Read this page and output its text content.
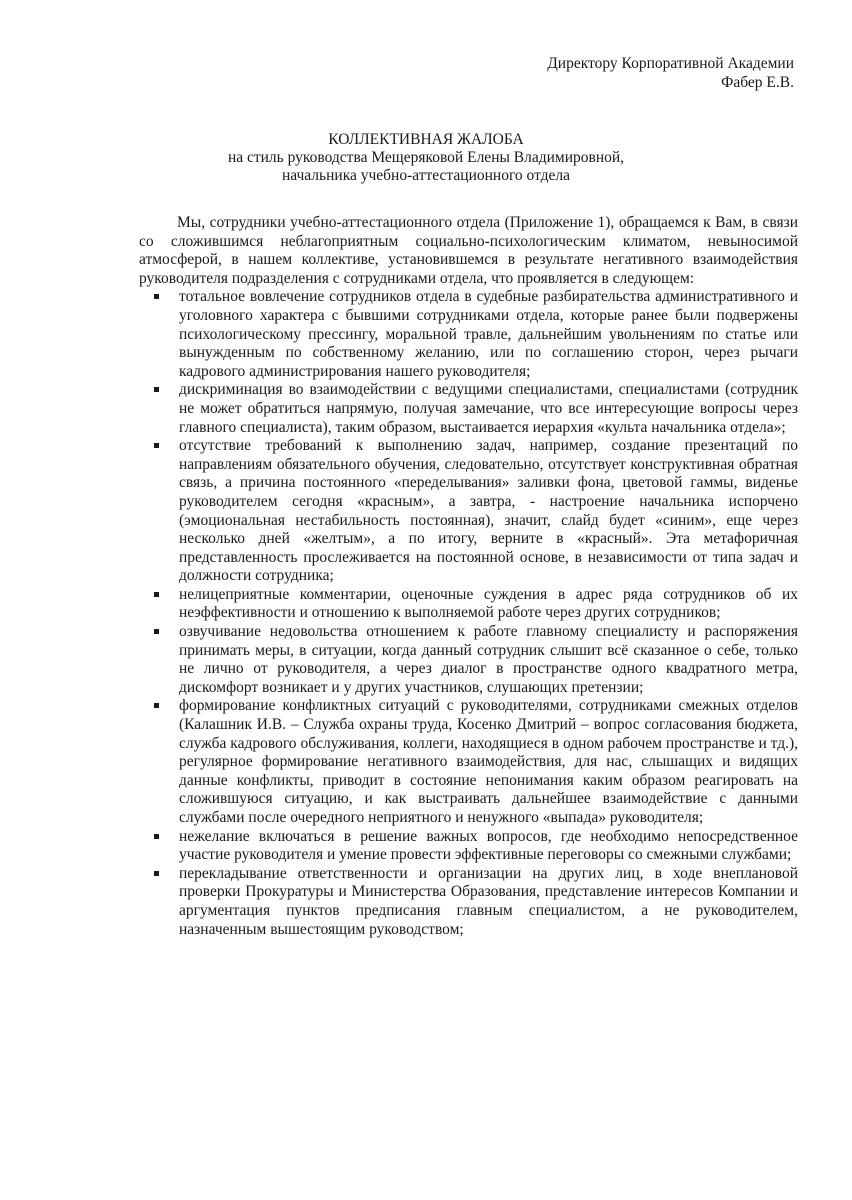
Директору Корпоративной Академии
Фабер Е.В.
КОЛЛЕКТИВНАЯ ЖАЛОБА
на стиль руководства Мещеряковой Елены Владимировной,
начальника учебно-аттестационного отдела

Мы, сотрудники учебно-аттестационного отдела (Приложение 1), обращаемся к Вам, в связи со сложившимся неблагоприятным социально-психологическим климатом, невыносимой атмосферой, в нашем коллективе, установившемся в результате негативного взаимодействия руководителя подразделения с сотрудниками отдела, что проявляется в следующем:

тотальное вовлечение сотрудников отдела в судебные разбирательства административного и уголовного характера с бывшими сотрудниками отдела, которые ранее были подвержены психологическому прессингу, моральной травле, дальнейшим увольнениям по статье или вынужденным по собственному желанию, или по соглашению сторон, через рычаги кадрового администрирования нашего руководителя;
дискриминация во взаимодействии с ведущими специалистами, специалистами (сотрудник не может обратиться напрямую, получая замечание, что все интересующие вопросы через главного специалиста), таким образом, выстаивается иерархия «культа начальника отдела»;
отсутствие требований к выполнению задач, например, создание презентаций по направлениям обязательного обучения, следовательно, отсутствует конструктивная обратная связь, а причина постоянного «переделывания» заливки фона, цветовой гаммы, виденье руководителем сегодня «красным», а завтра, - настроение начальника испорчено (эмоциональная нестабильность постоянная), значит, слайд будет «синим», еще через несколько дней «желтым», а по итогу, верните в «красный». Эта метафоричная представленность прослеживается на постоянной основе, в независимости от типа задач и должности сотрудника;
нелицеприятные комментарии, оценочные суждения в адрес ряда сотрудников об их неэффективности и отношению к выполняемой работе через других сотрудников;
озвучивание недовольства отношением к работе главному специалисту и распоряжения принимать меры, в ситуации, когда данный сотрудник слышит всё сказанное о себе, только не лично от руководителя, а через диалог в пространстве одного квадратного метра, дискомфорт возникает и у других участников, слушающих претензии;
формирование конфликтных ситуаций с руководителями, сотрудниками смежных отделов (Калашник И.В. – Служба охраны труда, Косенко Дмитрий – вопрос согласования бюджета, служба кадрового обслуживания, коллеги, находящиеся в одном рабочем пространстве и тд.), регулярное формирование негативного взаимодействия, для нас, слышащих и видящих данные конфликты, приводит в состояние непонимания каким образом реагировать на сложившуюся ситуацию, и как выстраивать дальнейшее взаимодействие с данными службами после очередного неприятного и ненужного «выпада» руководителя;
нежелание включаться в решение важных вопросов, где необходимо непосредственное участие руководителя и умение провести эффективные переговоры со смежными службами;
перекладывание ответственности и организации на других лиц, в ходе внеплановой проверки Прокуратуры и Министерства Образования, представление интересов Компании и аргументация пунктов предписания главным специалистом, а не руководителем, назначенным вышестоящим руководством;
